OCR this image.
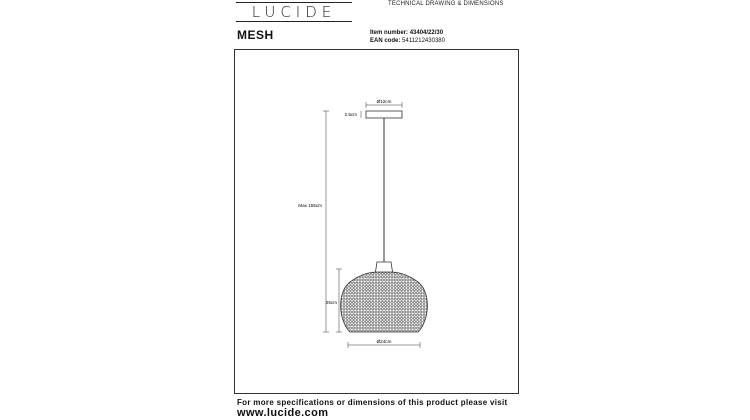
LUCIDE	TECHNICAL DRAWING & DIMENSIONS
MESH	Item number: 43404/22/30
EAN code: 5411212430380
Ø12cm
2.5cm
Max 155cm
25cm
Ø24cm
For more specifications or dimensions of this product please visit
www.lucide.com
